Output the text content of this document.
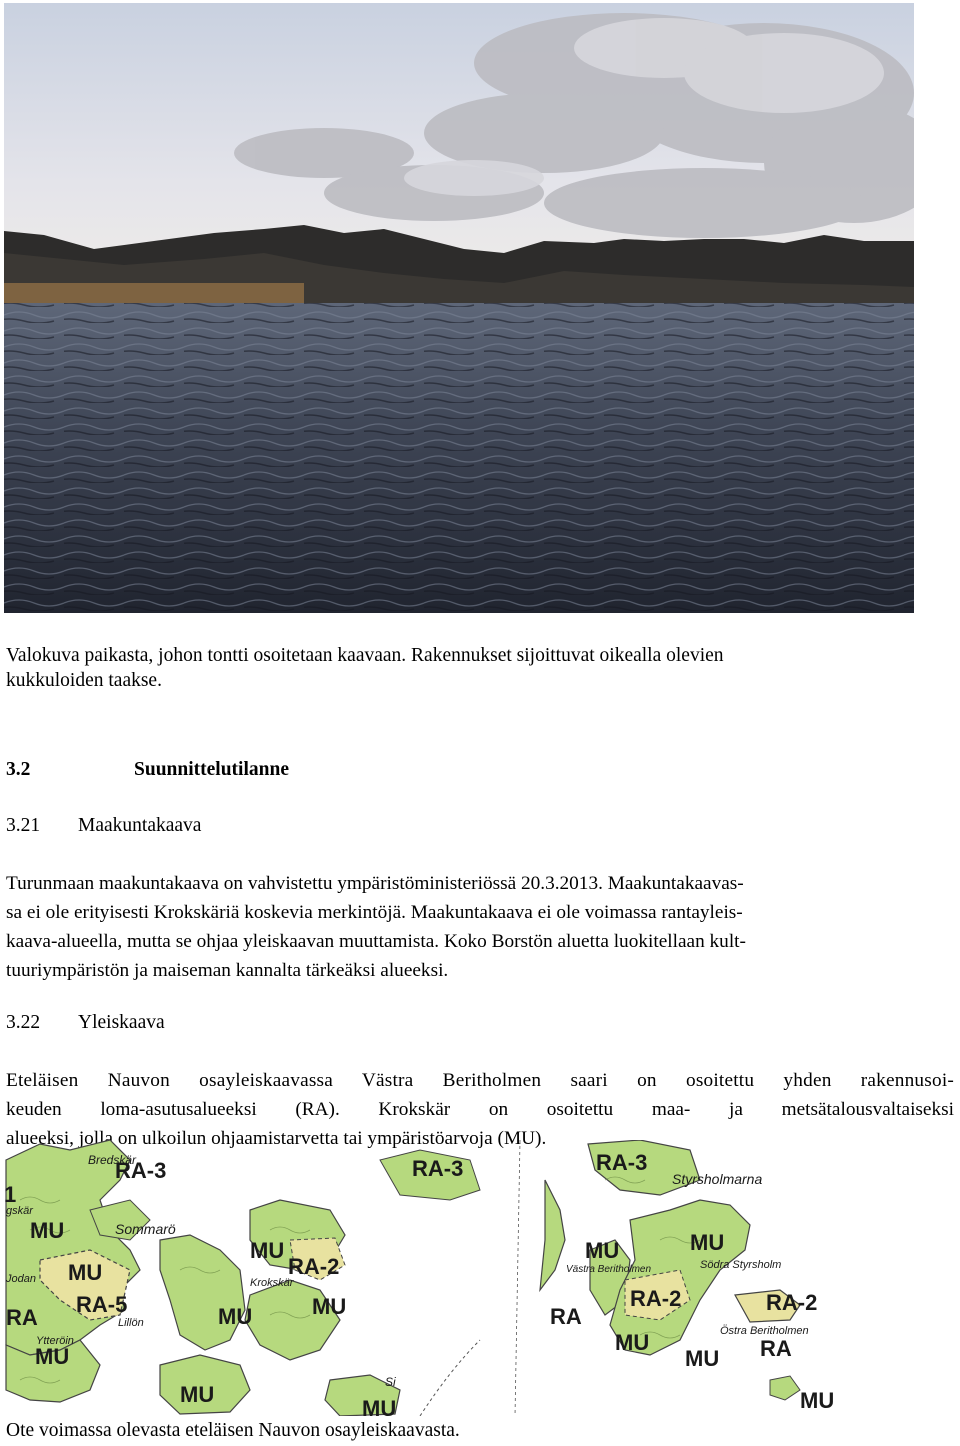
Valokuva paikasta, johon tontti osoitetaan kaavaan. Rakennukset sijoittuvat oikealla olevien
kukkuloiden taakse.
3.2	Suunnittelutilanne
3.21 Maakuntakaava
Turunmaan maakuntakaava on vahvistettu ympäristöministeriössä 20.3.2013. Maakuntakaavas-
sa ei ole erityisesti Krokskäriä koskevia merkintöjä. Maakuntakaava ei ole voimassa rantayleis-
kaava-alueella, mutta se ohjaa yleiskaavan muuttamista. Koko Borstön aluetta luokitellaan kult-
tuuriympäristön ja maiseman kannalta tärkeäksi alueeksi.
3.22 Yleiskaava
Eteläisen Nauvon osayleiskaavassa Västra Beritholmen saari on osoitettu yhden rakennusoi-
keuden loma-asutusalueeksi (RA). Krokskär on osoitettu maa- ja metsätalousvaltaiseksi
alueeksi, jolla on ulkoilun ohjaamistarvetta tai ympäristöarvoja (MU).
RA-3
MU
MU
RA-2
MU
RA-5	MU
MU
MU
RA	MU
MU
RA-3
1
Bredskär
Sommarö
Krokskär
Lillön
Ytteröin
Jodan
gskär
Si
RA-3
MU	MU
RA-2	RA-2
RA
MU
MU RA
MU
Styrsholmarna
Västra Beritholmen	Södra Styrsholm
Östra Beritholmen
Ote voimassa olevasta eteläisen Nauvon osayleiskaavasta.
